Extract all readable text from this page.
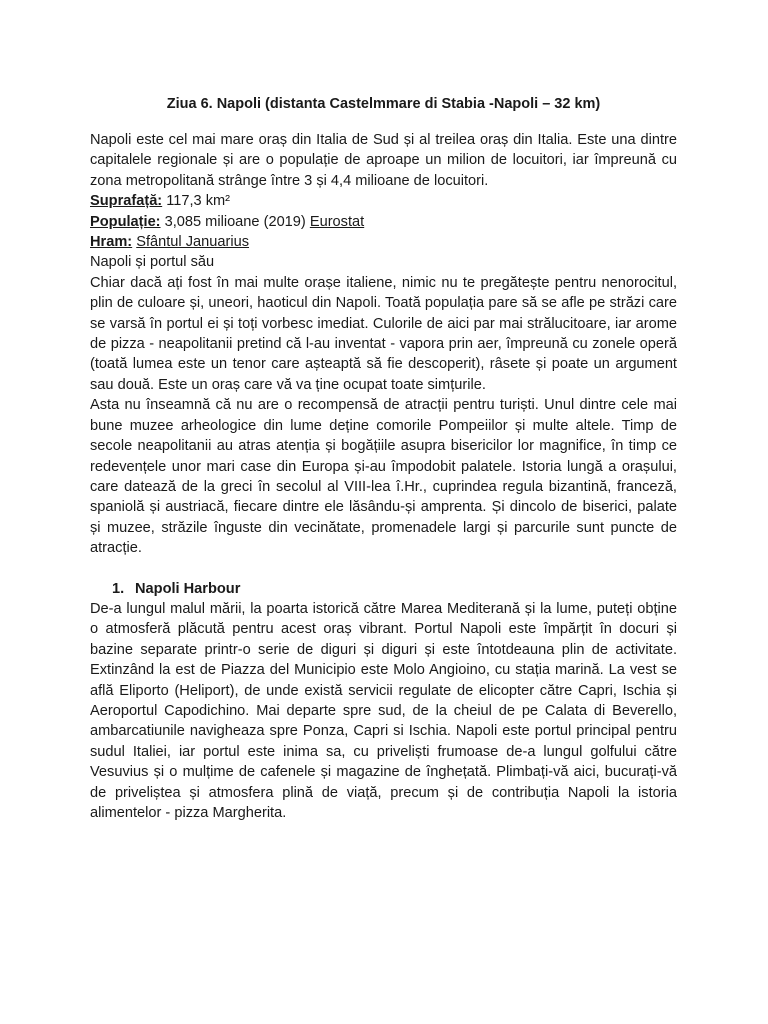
Ziua 6. Napoli (distanta Castelmmare di Stabia -Napoli – 32 km)

Napoli este cel mai mare oraș din Italia de Sud și al treilea oraș din Italia. Este una dintre capitalele regionale și are o populație de aproape un milion de locuitori, iar împreună cu zona metropolitană strânge între 3 și 4,4 milioane de locuitori.

Suprafață: 117,3 km²

Populație: 3,085 milioane (2019) Eurostat

Hram: Sfântul Januarius

Napoli și portul său

Chiar dacă ați fost în mai multe orașe italiene, nimic nu te pregătește pentru nenorocitul, plin de culoare și, uneori, haoticul din Napoli. Toată populația pare să se afle pe străzi care se varsă în portul ei și toți vorbesc imediat. Culorile de aici par mai strălucitoare, iar arome de pizza - neapolitanii pretind că l-au inventat - vapora prin aer, împreună cu zonele operă (toată lumea este un tenor care așteaptă să fie descoperit), râsete și poate un argument sau două. Este un oraș care vă va ține ocupat toate simțurile.

Asta nu înseamnă că nu are o recompensă de atracții pentru turiști. Unul dintre cele mai bune muzee arheologice din lume deține comorile Pompeiilor și multe altele. Timp de secole neapolitanii au atras atenția și bogățiile asupra bisericilor lor magnifice, în timp ce redevențele unor mari case din Europa și-au împodobit palatele. Istoria lungă a orașului, care datează de la greci în secolul al VIII-lea î.Hr., cuprindea regula bizantină, franceză, spaniolă și austriacă, fiecare dintre ele lăsându-și amprenta. Și dincolo de biserici, palate și muzee, străzile înguste din vecinătate, promenadele largi și parcurile sunt puncte de atracție.

1. Napoli Harbour

De-a lungul malul mării, la poarta istorică către Marea Mediterană și la lume, puteți obține o atmosferă plăcută pentru acest oraș vibrant. Portul Napoli este împărțit în docuri și bazine separate printr-o serie de diguri și diguri și este întotdeauna plin de activitate. Extinzând la est de Piazza del Municipio este Molo Angioino, cu stația marină. La vest se află Eliporto (Heliport), de unde există servicii regulate de elicopter către Capri, Ischia și Aeroportul Capodichino. Mai departe spre sud, de la cheiul de pe Calata di Beverello, ambarcatiunile navigheaza spre Ponza, Capri si Ischia. Napoli este portul principal pentru sudul Italiei, iar portul este inima sa, cu priveliști frumoase de-a lungul golfului către Vesuvius și o mulțime de cafenele și magazine de înghețată. Plimbați-vă aici, bucurați-vă de priveliștea și atmosfera plină de viață, precum și de contribuția Napoli la istoria alimentelor - pizza Margherita.
